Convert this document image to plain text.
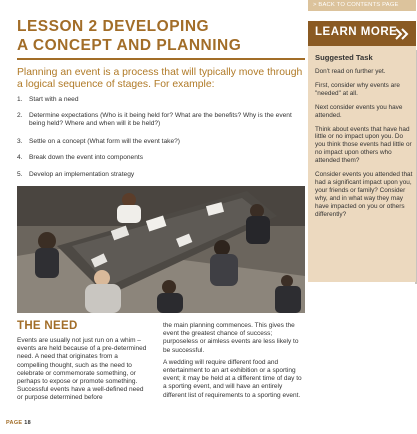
LESSON 2 DEVELOPING
A CONCEPT AND PLANNING
Planning an event is a process that will typically move through a logical sequence of stages. For example:
1. Start with a need
2. Determine expectations (Who is it being held for? What are the benefits? Why is the event being held? Where and when will it be held?)
3. Settle on a concept (What form will the event take?)
4. Break down the event into components
5. Develop an implementation strategy
THE NEED

Events are usually not just run on a whim – events are held because of a pre-determined need. A need that originates from a compelling thought, such as the need to celebrate or commemorate something, or perhaps to expose or promote something. Successful events have a well-defined need or purpose determined before

the main planning commences. This gives the event the greatest chance of success; purposeless or aimless events are less likely to be successful.

A wedding will require different food and entertainment to an art exhibition or a sporting event; it may be held at a different time of day to a sporting event, and will have an entirely different list of requirements to a sporting event.

PAGE 18
> BACK TO CONTENTS PAGE
LEARN MORE
Suggested Task

Don't read on further yet.

First, consider why events are "needed" at all.

Next consider events you have attended.

Think about events that have had little or no impact upon you. Do you think those events had little or no impact upon others who attended them?

Consider events you attended that had a significant impact upon you, your friends or family? Consider why, and in what way they may have impacted on you or others differently?
